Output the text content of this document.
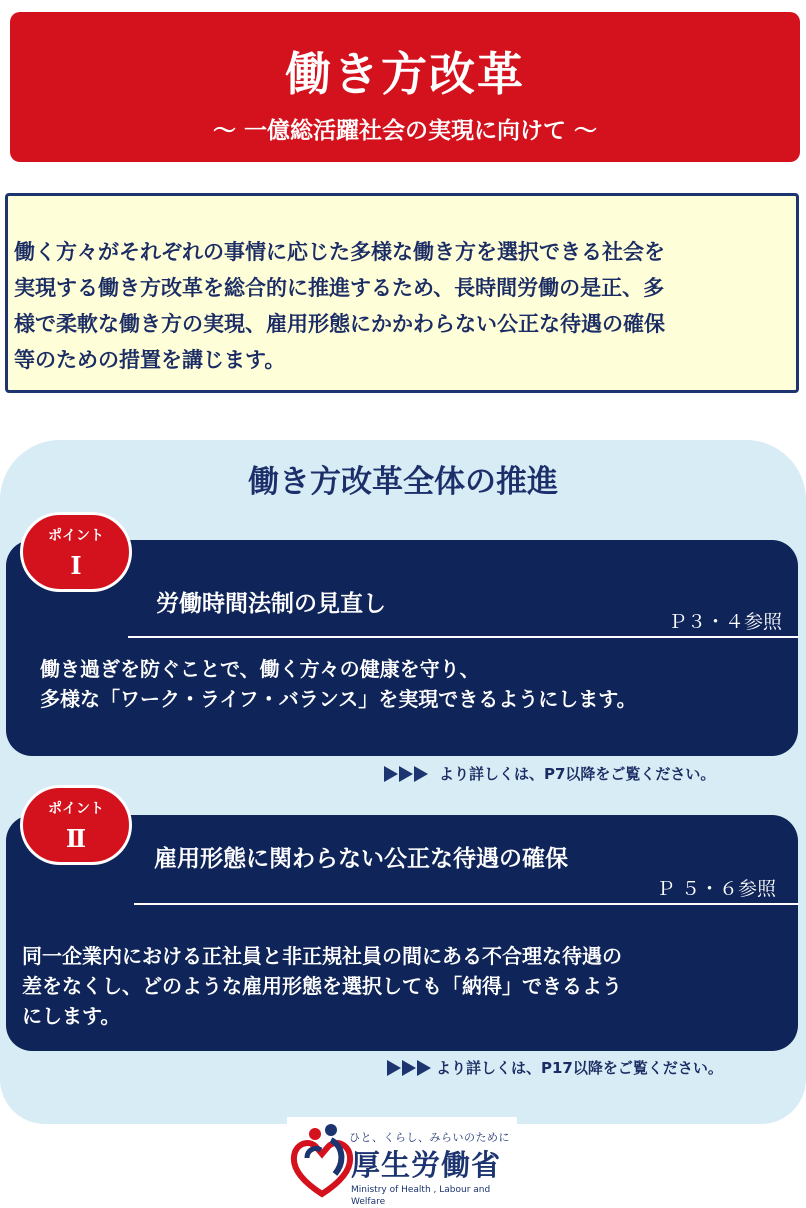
働き方改革
～ 一億総活躍社会の実現に向けて ～
働く方々がそれぞれの事情に応じた多様な働き方を選択できる社会を
実現する働き方改革を総合的に推進するため、長時間労働の是正、多
様で柔軟な働き方の実現、雇用形態にかかわらない公正な待遇の確保
等のための措置を講じます。
働き方改革全体の推進
労働時間法制の見直し
Ｐ３・４参照
働き過ぎを防ぐことで、働く方々の健康を守り、
多様な「ワーク・ライフ・バランス」を実現できるようにします。
ポイント
Ⅰ
より詳しくは、P7以降をご覧ください。
雇用形態に関わらない公正な待遇の確保
Ｐ ５・６参照
同一企業内における正社員と非正規社員の間にある不合理な待遇の
差をなくし、どのような雇用形態を選択しても「納得」できるよう
にします。
ポイント
Ⅱ
より詳しくは、P17以降をご覧ください。
ひと、くらし、みらいのために
厚生労働省
Ministry of Health , Labour and Welfare
